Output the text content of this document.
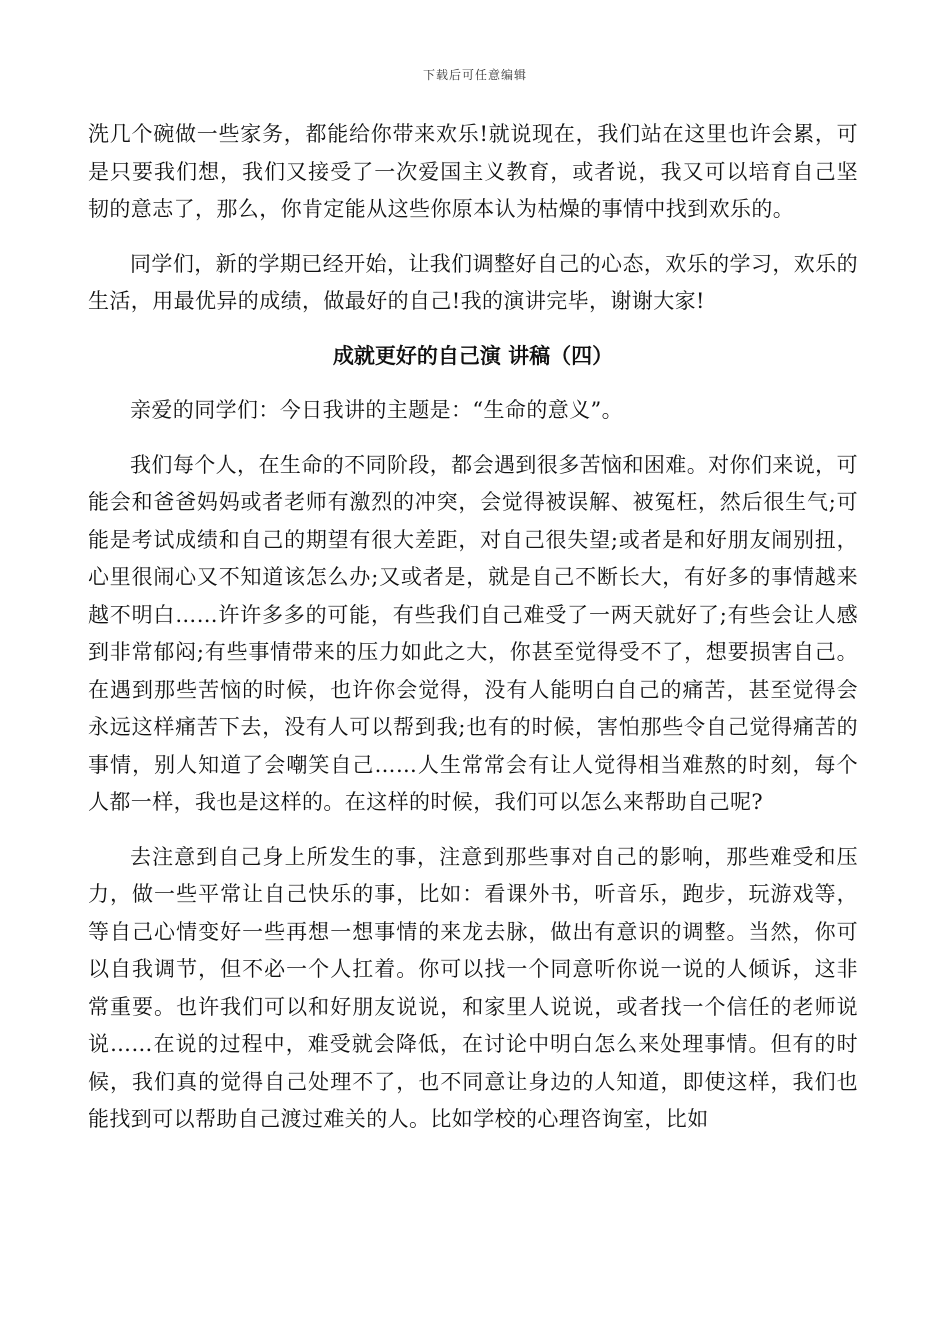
下载后可任意编辑

洗几个碗做一些家务，都能给你带来欢乐!就说现在，我们站在这里也许会累，可是只要我们想，我们又接受了一次爱国主义教育，或者说，我又可以培育自己坚韧的意志了，那么，你肯定能从这些你原本认为枯燥的事情中找到欢乐的。

同学们，新的学期已经开始，让我们调整好自己的心态，欢乐的学习，欢乐的生活，用最优异的成绩，做最好的自己!我的演讲完毕，谢谢大家!

成就更好的自己演 讲稿（四）

亲爱的同学们：今日我讲的主题是：“生命的意义”。

我们每个人，在生命的不同阶段，都会遇到很多苦恼和困难。对你们来说，可能会和爸爸妈妈或者老师有激烈的冲突，会觉得被误解、被冤枉，然后很生气;可能是考试成绩和自己的期望有很大差距，对自己很失望;或者是和好朋友闹别扭，心里很闹心又不知道该怎么办;又或者是，就是自己不断长大，有好多的事情越来越不明白……许许多多的可能，有些我们自己难受了一两天就好了;有些会让人感到非常郁闷;有些事情带来的压力如此之大，你甚至觉得受不了，想要损害自己。在遇到那些苦恼的时候，也许你会觉得，没有人能明白自己的痛苦，甚至觉得会永远这样痛苦下去，没有人可以帮到我;也有的时候，害怕那些令自己觉得痛苦的事情，别人知道了会嘲笑自己……人生常常会有让人觉得相当难熬的时刻，每个人都一样，我也是这样的。在这样的时候，我们可以怎么来帮助自己呢?

去注意到自己身上所发生的事，注意到那些事对自己的影响，那些难受和压力，做一些平常让自己快乐的事，比如：看课外书，听音乐，跑步，玩游戏等，等自己心情变好一些再想一想事情的来龙去脉，做出有意识的调整。当然，你可以自我调节，但不必一个人扛着。你可以找一个同意听你说一说的人倾诉，这非常重要。也许我们可以和好朋友说说，和家里人说说，或者找一个信任的老师说说……在说的过程中，难受就会降低，在讨论中明白怎么来处理事情。但有的时候，我们真的觉得自己处理不了，也不同意让身边的人知道，即使这样，我们也能找到可以帮助自己渡过难关的人。比如学校的心理咨询室，比如
